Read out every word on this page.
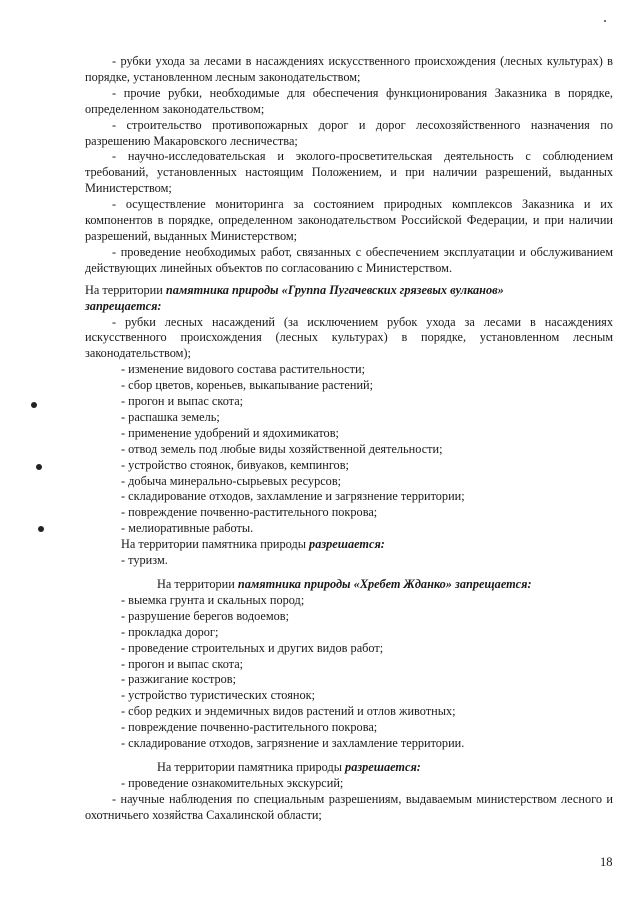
- рубки ухода за лесами в насаждениях искусственного происхождения (лесных культурах) в порядке, установленном лесным законодательством;

- прочие рубки, необходимые для обеспечения функционирования Заказника в порядке, определенном законодательством;

- строительство противопожарных дорог и дорог лесохозяйственного назначения по разрешению Макаровского лесничества;

- научно-исследовательская и эколого-просветительская деятельность с соблюдением требований, установленных настоящим Положением, и при наличии разрешений, выданных Министерством;

- осуществление мониторинга за состоянием природных комплексов Заказника и их компонентов в порядке, определенном законодательством Российской Федерации, и при наличии разрешений, выданных Министерством;

- проведение необходимых работ, связанных с обеспечением эксплуатации и обслуживанием действующих линейных объектов по согласованию с Министерством.

На территории памятника природы «Группа Пугачевских грязевых вулканов»
запрещается:

- рубки лесных насаждений (за исключением рубок ухода за лесами в насаждениях искусственного происхождения (лесных культурах) в порядке, установленном лесным законодательством);

- изменение видового состава растительности;

- сбор цветов, кореньев, выкапывание растений;

- прогон и выпас скота;

- распашка земель;

- применение удобрений и ядохимикатов;

- отвод земель под любые виды хозяйственной деятельности;

- устройство стоянок, бивуаков, кемпингов;

- добыча минерально-сырьевых ресурсов;

- складирование отходов, захламление и загрязнение территории;

- повреждение почвенно-растительного покрова;

- мелиоративные работы.

На территории памятника природы разрешается:

- туризм.

На территории памятника природы «Хребет Жданко» запрещается:

- выемка грунта и скальных пород;

- разрушение берегов водоемов;

- прокладка дорог;

- проведение строительных и других видов работ;

- прогон и выпас скота;

- разжигание костров;

- устройство туристических стоянок;

- сбор редких и эндемичных видов растений и отлов животных;

- повреждение почвенно-растительного покрова;

- складирование отходов, загрязнение и захламление территории.

На территории памятника природы разрешается:

- проведение ознакомительных экскурсий;

- научные наблюдения по специальным разрешениям, выдаваемым министерством лесного и охотничьего хозяйства Сахалинской области;

18
